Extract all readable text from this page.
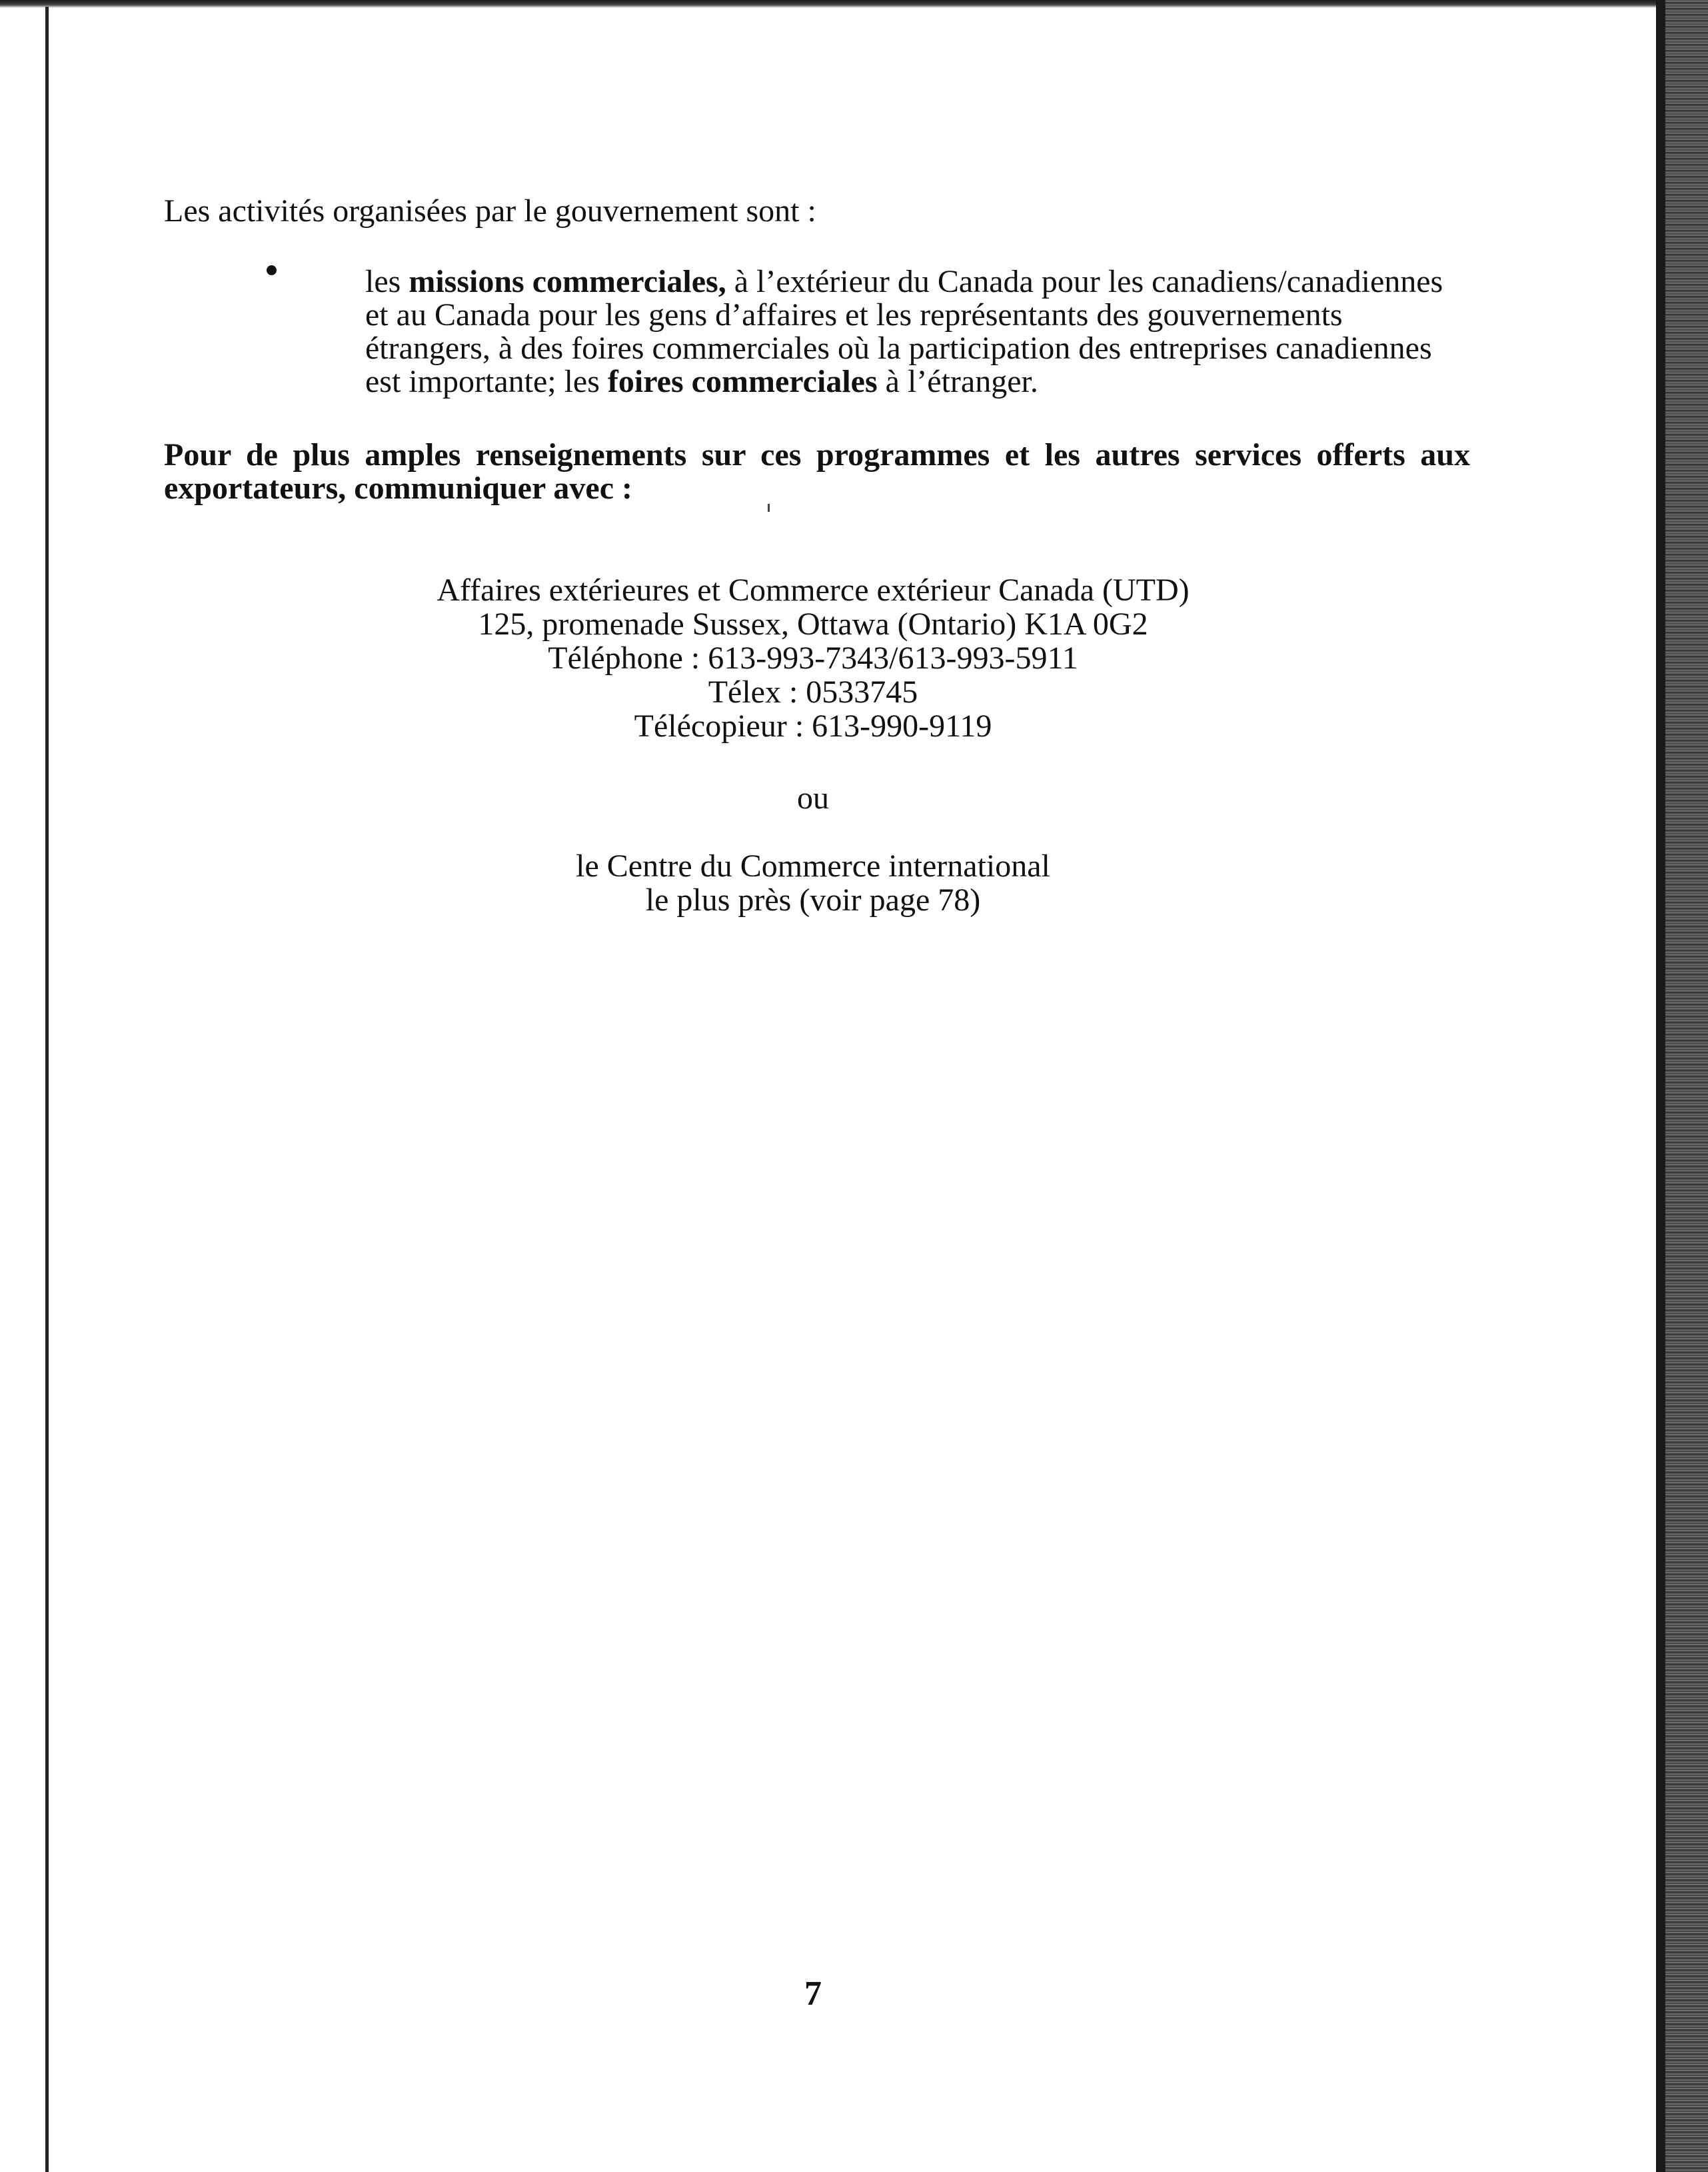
Les activités organisées par le gouvernement sont :
les missions commerciales, à l’extérieur du Canada pour les canadiens/canadiennes et au Canada pour les gens d’affaires et les représentants des gouvernements étrangers, à des foires commerciales où la participation des entreprises canadiennes est importante; les foires commerciales à l’étranger.
Pour de plus amples renseignements sur ces programmes et les autres services offerts aux exportateurs, communiquer avec :
Affaires extérieures et Commerce extérieur Canada (UTD)
125, promenade Sussex, Ottawa (Ontario) K1A 0G2
Téléphone : 613-993-7343/613-993-5911
Télex : 0533745
Télécopieur : 613-990-9119
ou
le Centre du Commerce international
le plus près (voir page 78)
7
